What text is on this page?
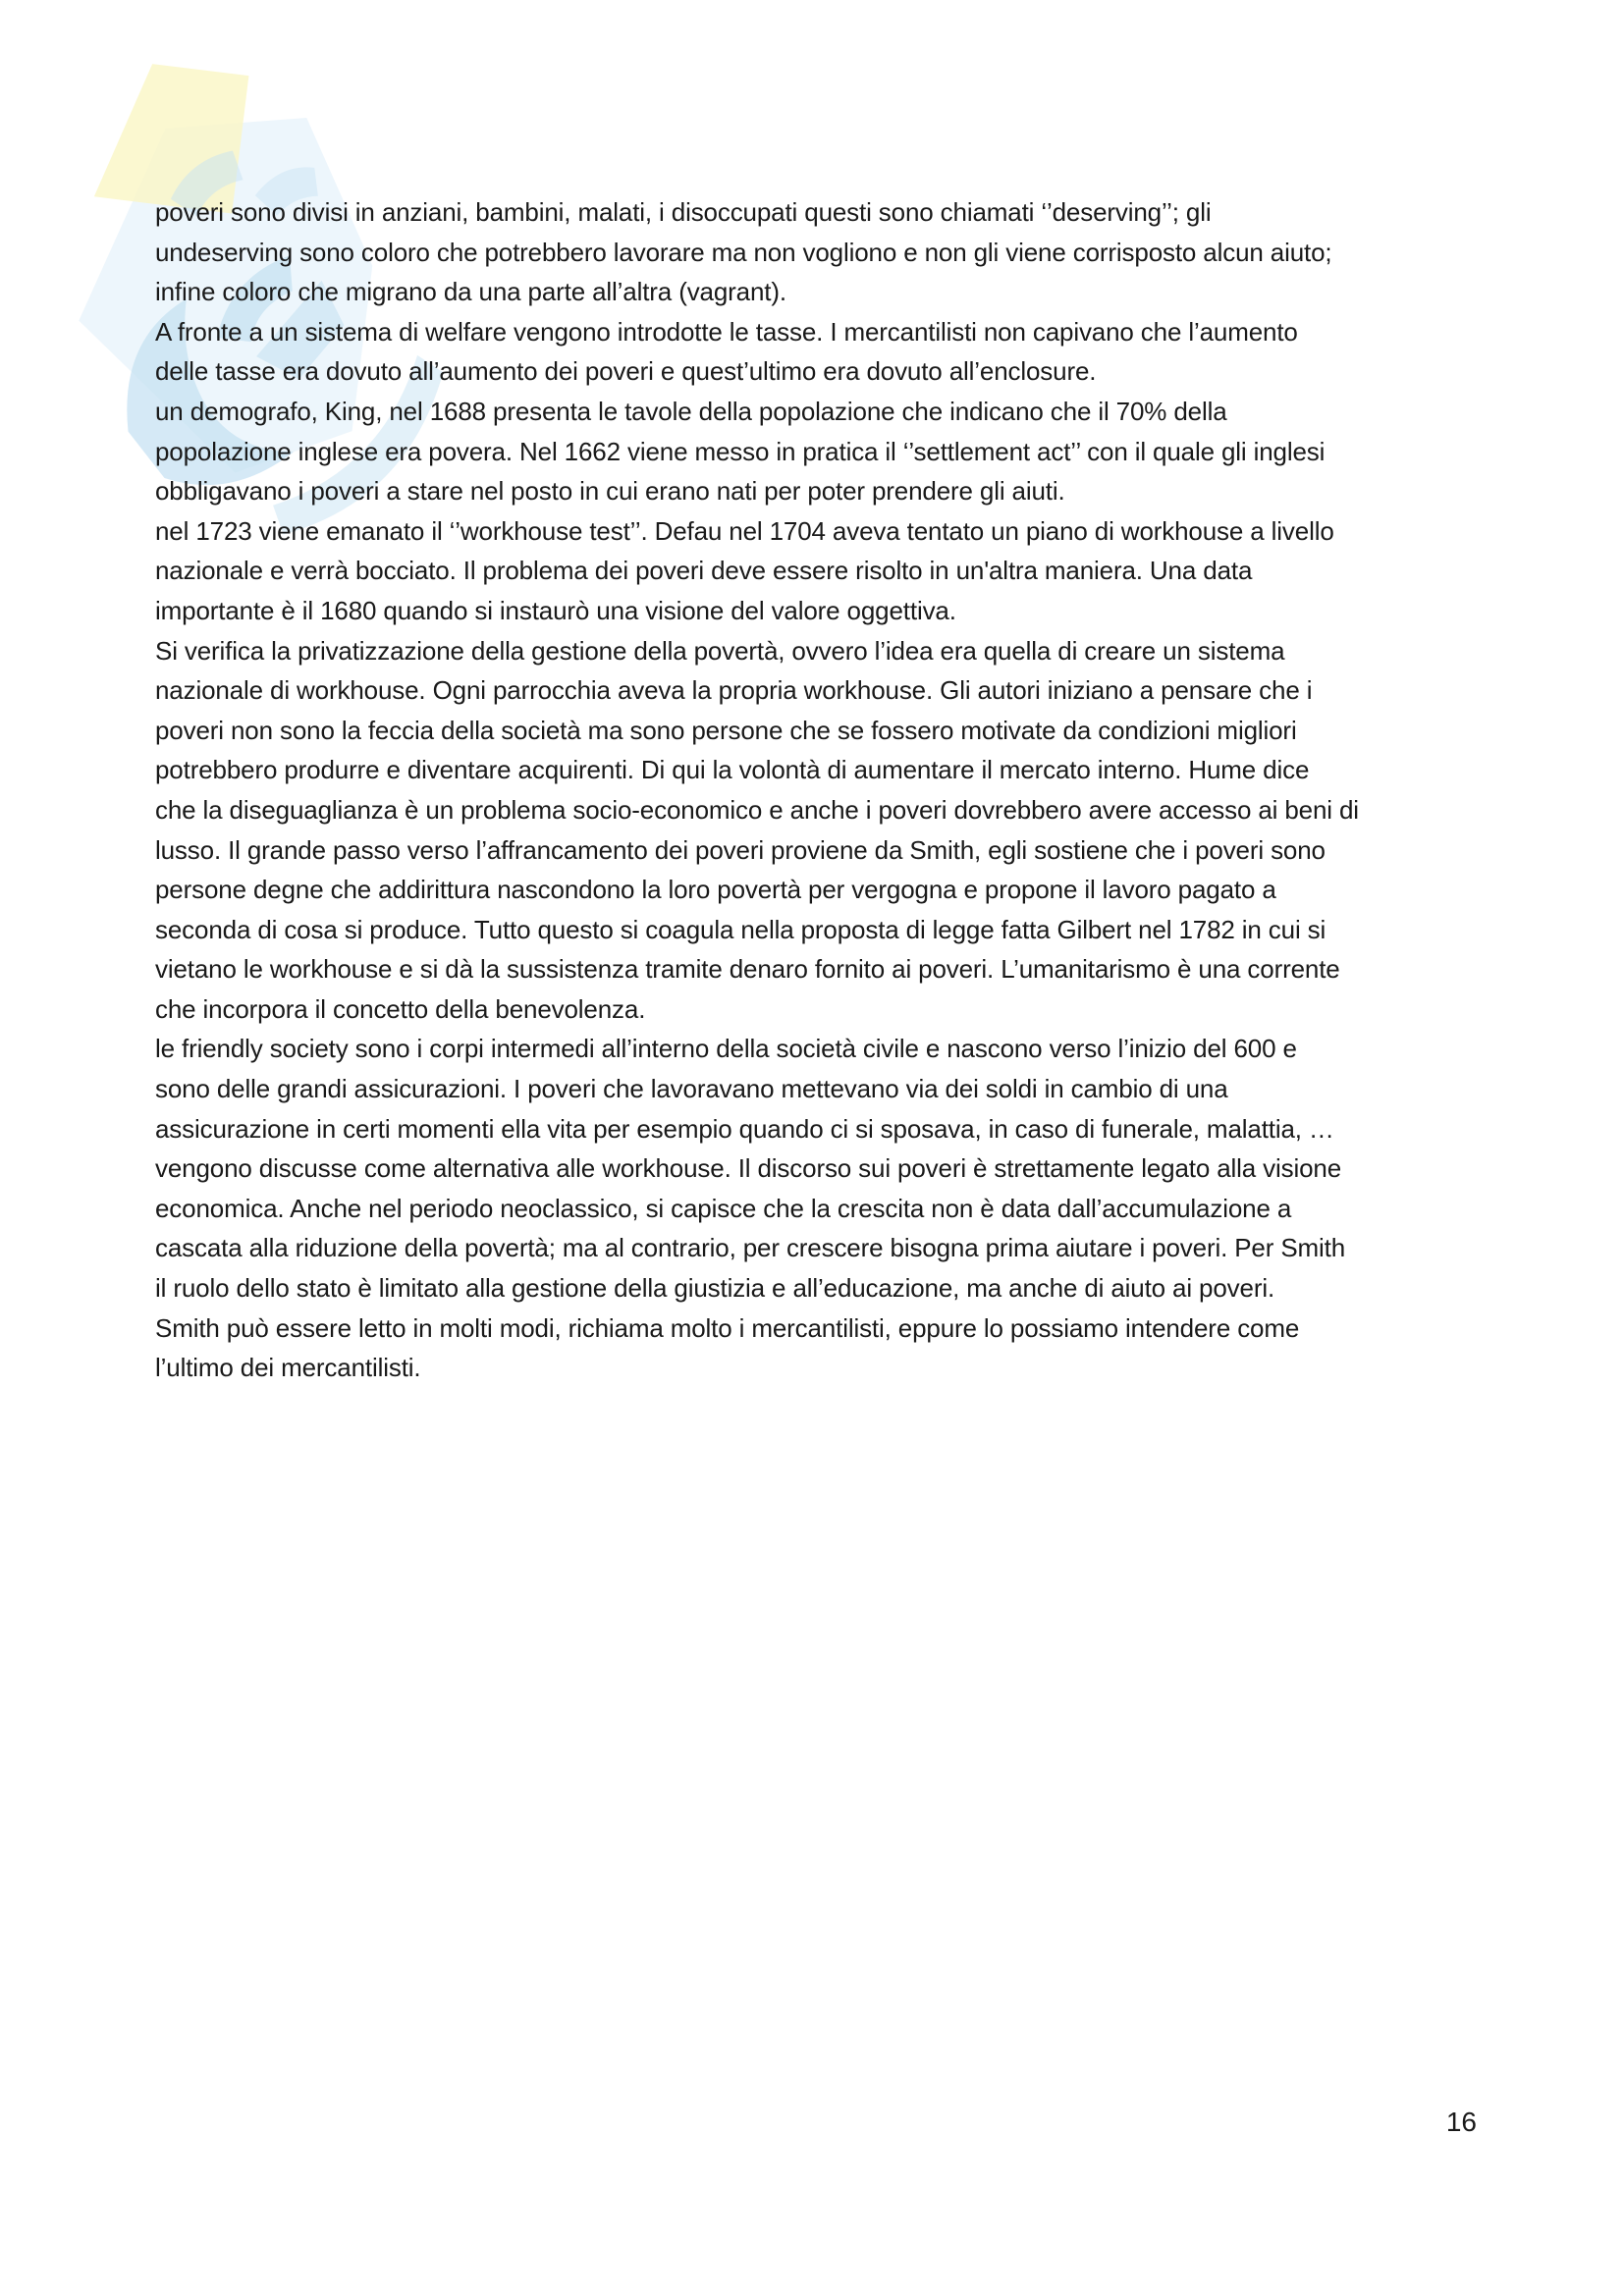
poveri sono divisi in anziani, bambini, malati, i disoccupati questi sono chiamati ‘’deserving’’; gli
undeserving sono coloro che potrebbero lavorare ma non vogliono e non gli viene corrisposto alcun aiuto;
infine coloro che migrano da una parte all’altra (vagrant).
A fronte a un sistema di welfare vengono introdotte le tasse. I mercantilisti non capivano che l’aumento
delle tasse era dovuto all’aumento dei poveri e quest’ultimo era dovuto all’enclosure.
un demografo, King, nel 1688 presenta le tavole della popolazione che indicano che il 70% della
popolazione inglese era povera. Nel 1662 viene messo in pratica il ‘’settlement act’’ con il quale gli inglesi
obbligavano i poveri a stare nel posto in cui erano nati per poter prendere gli aiuti.
nel 1723 viene emanato il ‘’workhouse test’’. Defau nel 1704 aveva tentato un piano di workhouse a livello
nazionale e verrà bocciato. Il problema dei poveri deve essere risolto in un'altra maniera. Una data
importante è il 1680 quando si instaurò una visione del valore oggettiva.
Si verifica la privatizzazione della gestione della povertà, ovvero l’idea era quella di creare un sistema
nazionale di workhouse. Ogni parrocchia aveva la propria workhouse. Gli autori iniziano a pensare che i
poveri non sono la feccia della società ma sono persone che se fossero motivate da condizioni migliori
potrebbero produrre e diventare acquirenti. Di qui la volontà di aumentare il mercato interno. Hume dice
che la diseguaglianza è un problema socio-economico e anche i poveri dovrebbero avere accesso ai beni di
lusso. Il grande passo verso l’affrancamento dei poveri proviene da Smith, egli sostiene che i poveri sono
persone degne che addirittura nascondono la loro povertà per vergogna e propone il lavoro pagato a
seconda di cosa si produce. Tutto questo si coagula nella proposta di legge fatta Gilbert nel 1782 in cui si
vietano le workhouse e si dà la sussistenza tramite denaro fornito ai poveri. L’umanitarismo è una corrente
che incorpora il concetto della benevolenza.
le friendly society sono i corpi intermedi all’interno della società civile e nascono verso l’inizio del 600 e
sono delle grandi assicurazioni. I poveri che lavoravano mettevano via dei soldi in cambio di una
assicurazione in certi momenti ella vita per esempio quando ci si sposava, in caso di funerale, malattia, …
vengono discusse come alternativa alle workhouse. Il discorso sui poveri è strettamente legato alla visione
economica. Anche nel periodo neoclassico, si capisce che la crescita non è data dall’accumulazione a
cascata alla riduzione della povertà; ma al contrario, per crescere bisogna prima aiutare i poveri. Per Smith
il ruolo dello stato è limitato alla gestione della giustizia e all’educazione, ma anche di aiuto ai poveri.
Smith può essere letto in molti modi, richiama molto i mercantilisti, eppure lo possiamo intendere come
l’ultimo dei mercantilisti.
16
